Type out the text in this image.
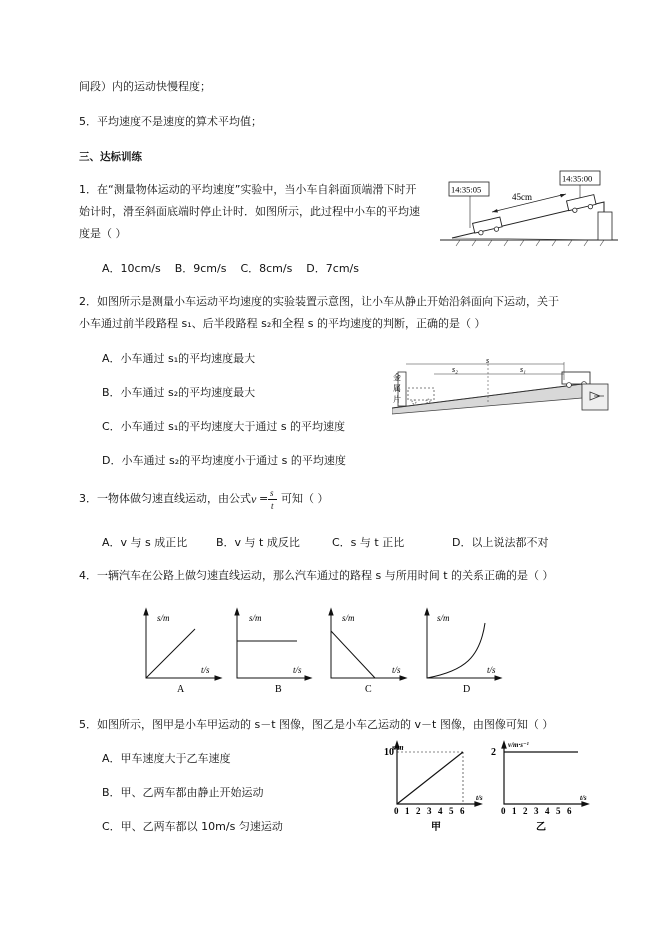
间段）内的运动快慢程度；
5．平均速度不是速度的算术平均值；
三、达标训练
1．在“测量物体运动的平均速度”实验中，当小车自斜面顶端滑下时开
始计时，滑至斜面底端时停止计时．如图所示，此过程中小车的平均速
度是（ ）
A．10cm/s    B．9cm/s    C．8cm/s    D．7cm/s
14:35:05
14:35:00
45cm
2．如图所示是测量小车运动平均速度的实验装置示意图，让小车从静止开始沿斜面向下运动，关于
小车通过前半段路程 s₁、后半段路程 s₂和全程 s 的平均速度的判断，正确的是（ ）
A．小车通过 s₁的平均速度最大
B．小车通过 s₂的平均速度最大
C．小车通过 s₁的平均速度大于通过 s 的平均速度
D．小车通过 s₂的平均速度小于通过 s 的平均速度
金
属
片
s
s₂	s₁
3．一物体做匀速直线运动，由公式 v = s
t
可知（ ）
A．v 与 s 成正比	B．v 与 t 成反比	C．s 与 t 正比	D．以上说法都不对
4．一辆汽车在公路上做匀速直线运动，那么汽车通过的路程 s 与所用时间 t 的关系正确的是（ ）
s/m
t/s
A
s/m
t/s
B
s/m
t/s
C
s/m
t/s
D
5．如图所示，图甲是小车甲运动的 s－t 图像，图乙是小车乙运动的 v－t 图像，由图像可知（ ）
A．甲车速度大于乙车速度
B．甲、乙两车都由静止开始运动
C．甲、乙两车都以 10m/s 匀速运动
s/m
10
t/s
0 1 2 3 4 5 6
甲
v/m·s⁻¹
2
t/s
0 1 2 3 4 5 6
乙
